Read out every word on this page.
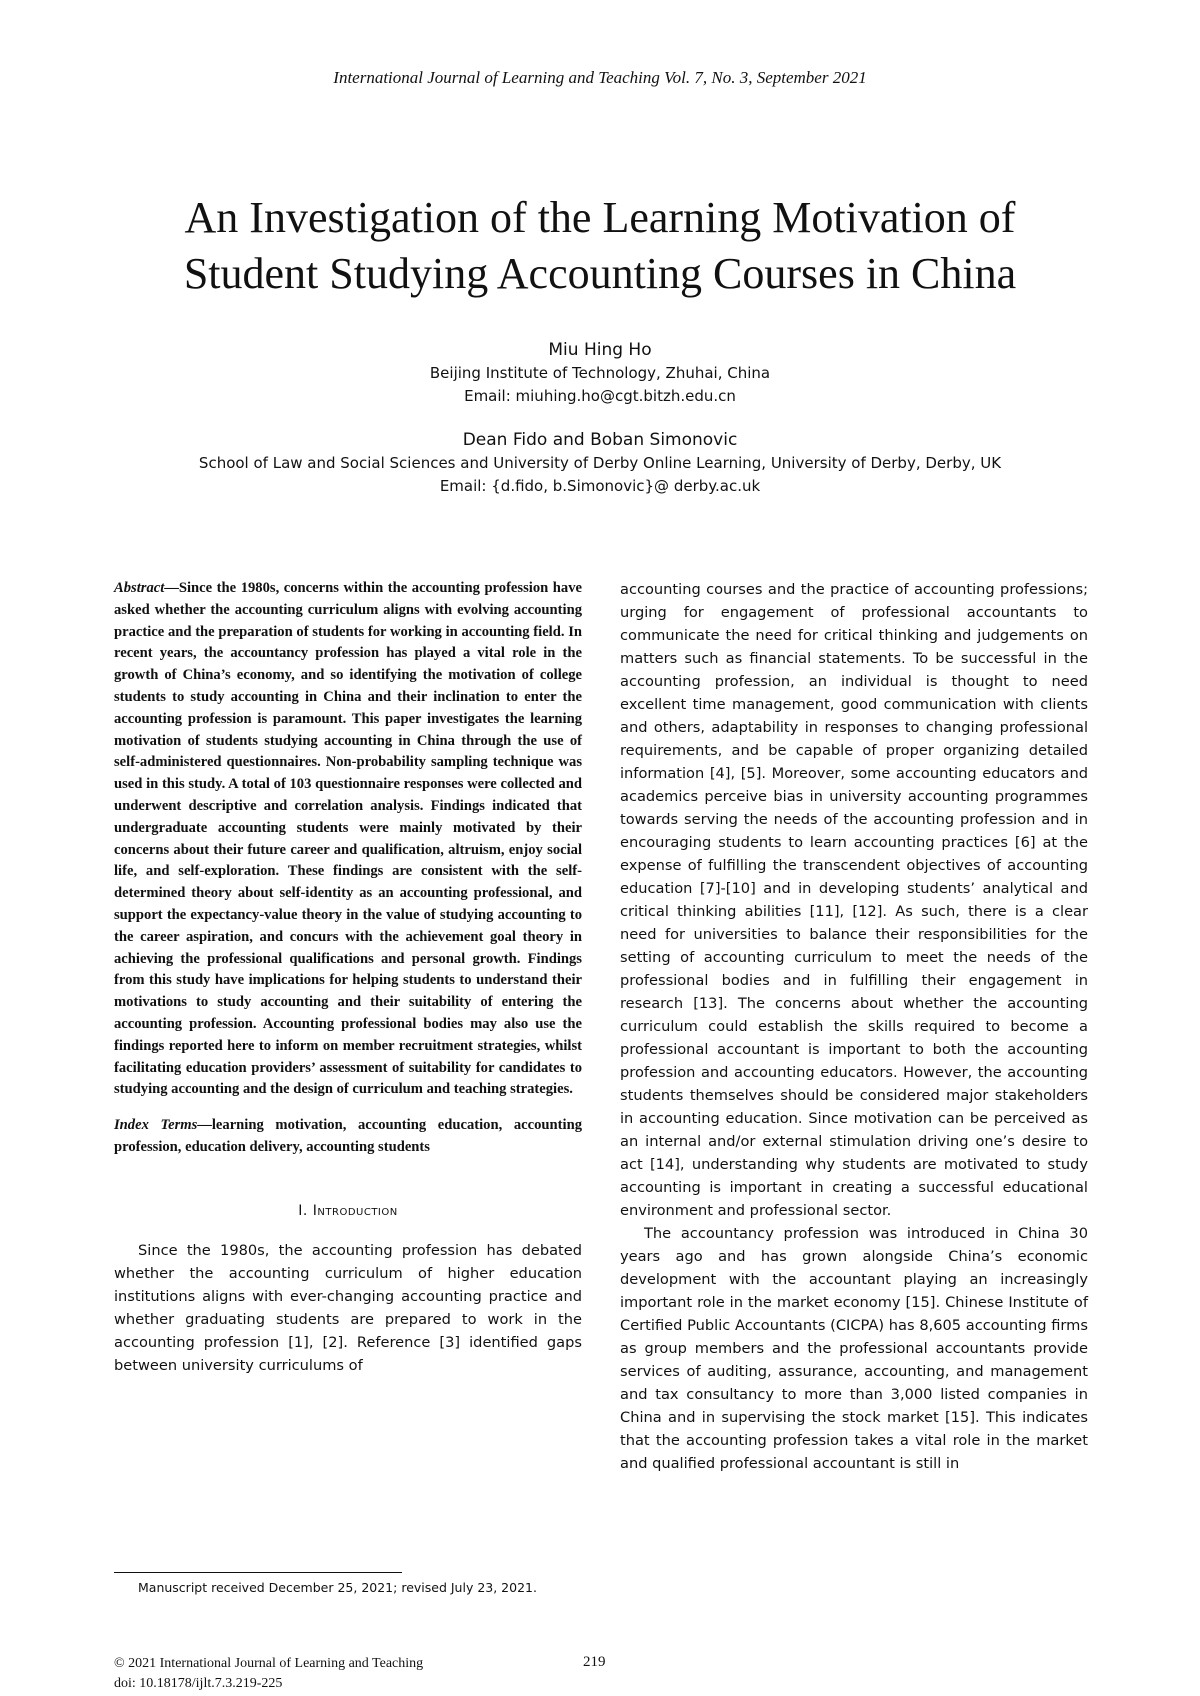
International Journal of Learning and Teaching Vol. 7, No. 3, September 2021
An Investigation of the Learning Motivation of
Student Studying Accounting Courses in China
Miu Hing Ho
Beijing Institute of Technology, Zhuhai, China
Email: miuhing.ho@cgt.bitzh.edu.cn
Dean Fido and Boban Simonovic
School of Law and Social Sciences and University of Derby Online Learning, University of Derby, Derby, UK
Email: {d.fido, b.Simonovic}@ derby.ac.uk

Abstract—Since the 1980s, concerns within the accounting profession have asked whether the accounting curriculum aligns with evolving accounting practice and the preparation of students for working in accounting field. In recent years, the accountancy profession has played a vital role in the growth of China’s economy, and so identifying the motivation of college students to study accounting in China and their inclination to enter the accounting profession is paramount. This paper investigates the learning motivation of students studying accounting in China through the use of self-administered questionnaires. Non-probability sampling technique was used in this study. A total of 103 questionnaire responses were collected and underwent descriptive and correlation analysis. Findings indicated that undergraduate accounting students were mainly motivated by their concerns about their future career and qualification, altruism, enjoy social life, and self-exploration. These findings are consistent with the self-determined theory about self-identity as an accounting professional, and support the expectancy-value theory in the value of studying accounting to the career aspiration, and concurs with the achievement goal theory in achieving the professional qualifications and personal growth. Findings from this study have implications for helping students to understand their motivations to study accounting and their suitability of entering the accounting profession. Accounting professional bodies may also use the findings reported here to inform on member recruitment strategies, whilst facilitating education providers’ assessment of suitability for candidates to studying accounting and the design of curriculum and teaching strategies.

Index Terms—learning motivation, accounting education, accounting profession, education delivery, accounting students

I. Introduction

Since the 1980s, the accounting profession has debated whether the accounting curriculum of higher education institutions aligns with ever-changing accounting practice and whether graduating students are prepared to work in the accounting profession [1], [2]. Reference [3] identified gaps between university curriculums of

accounting courses and the practice of accounting professions; urging for engagement of professional accountants to communicate the need for critical thinking and judgements on matters such as financial statements. To be successful in the accounting profession, an individual is thought to need excellent time management, good communication with clients and others, adaptability in responses to changing professional requirements, and be capable of proper organizing detailed information [4], [5]. Moreover, some accounting educators and academics perceive bias in university accounting programmes towards serving the needs of the accounting profession and in encouraging students to learn accounting practices [6] at the expense of fulfilling the transcendent objectives of accounting education [7]-[10] and in developing students’ analytical and critical thinking abilities [11], [12]. As such, there is a clear need for universities to balance their responsibilities for the setting of accounting curriculum to meet the needs of the professional bodies and in fulfilling their engagement in research [13]. The concerns about whether the accounting curriculum could establish the skills required to become a professional accountant is important to both the accounting profession and accounting educators. However, the accounting students themselves should be considered major stakeholders in accounting education. Since motivation can be perceived as an internal and/or external stimulation driving one’s desire to act [14], understanding why students are motivated to study accounting is important in creating a successful educational environment and professional sector.

The accountancy profession was introduced in China 30 years ago and has grown alongside China’s economic development with the accountant playing an increasingly important role in the market economy [15]. Chinese Institute of Certified Public Accountants (CICPA) has 8,605 accounting firms as group members and the professional accountants provide services of auditing, assurance, accounting, and management and tax consultancy to more than 3,000 listed companies in China and in supervising the stock market [15]. This indicates that the accounting profession takes a vital role in the market and qualified professional accountant is still in

Manuscript received December 25, 2021; revised July 23, 2021.
© 2021 International Journal of Learning and Teaching
doi: 10.18178/ijlt.7.3.219-225
219
